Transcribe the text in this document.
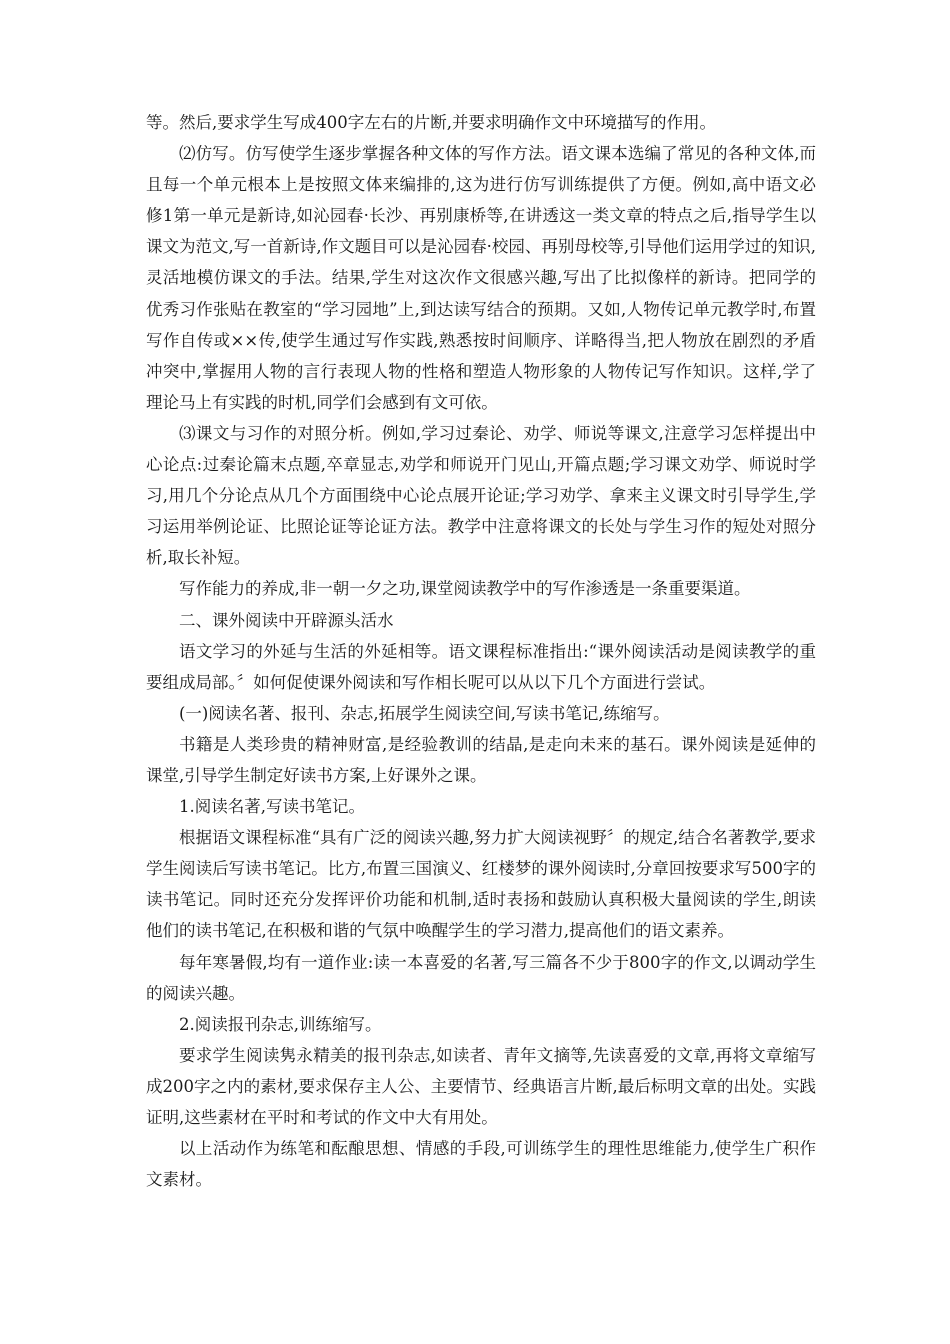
等。然后,要求学生写成400字左右的片断,并要求明确作文中环境描写的作用。

⑵仿写。仿写使学生逐步掌握各种文体的写作方法。语文课本选编了常见的各种文体,而且每一个单元根本上是按照文体来编排的,这为进行仿写训练提供了方便。例如,高中语文必修1第一单元是新诗,如沁园春·长沙、再别康桥等,在讲透这一类文章的特点之后,指导学生以课文为范文,写一首新诗,作文题目可以是沁园春·校园、再别母校等,引导他们运用学过的知识,灵活地模仿课文的手法。结果,学生对这次作文很感兴趣,写出了比拟像样的新诗。把同学的优秀习作张贴在教室的“学习园地”上,到达读写结合的预期。又如,人物传记单元教学时,布置写作自传或××传,使学生通过写作实践,熟悉按时间顺序、详略得当,把人物放在剧烈的矛盾冲突中,掌握用人物的言行表现人物的性格和塑造人物形象的人物传记写作知识。这样,学了理论马上有实践的时机,同学们会感到有文可依。

⑶课文与习作的对照分析。例如,学习过秦论、劝学、师说等课文,注意学习怎样提出中心论点:过秦论篇末点题,卒章显志,劝学和师说开门见山,开篇点题;学习课文劝学、师说时学习,用几个分论点从几个方面围绕中心论点展开论证;学习劝学、拿来主义课文时引导学生,学习运用举例论证、比照论证等论证方法。教学中注意将课文的长处与学生习作的短处对照分析,取长补短。

写作能力的养成,非一朝一夕之功,课堂阅读教学中的写作渗透是一条重要渠道。

二、课外阅读中开辟源头活水

语文学习的外延与生活的外延相等。语文课程标准指出:“课外阅读活动是阅读教学的重要组成局部。〞如何促使课外阅读和写作相长呢可以从以下几个方面进行尝试。

(一)阅读名著、报刊、杂志,拓展学生阅读空间,写读书笔记,练缩写。

书籍是人类珍贵的精神财富,是经验教训的结晶,是走向未来的基石。课外阅读是延伸的课堂,引导学生制定好读书方案,上好课外之课。

1.阅读名著,写读书笔记。

根据语文课程标准“具有广泛的阅读兴趣,努力扩大阅读视野〞的规定,结合名著教学,要求学生阅读后写读书笔记。比方,布置三国演义、红楼梦的课外阅读时,分章回按要求写500字的读书笔记。同时还充分发挥评价功能和机制,适时表扬和鼓励认真积极大量阅读的学生,朗读他们的读书笔记,在积极和谐的气氛中唤醒学生的学习潜力,提高他们的语文素养。

每年寒暑假,均有一道作业:读一本喜爱的名著,写三篇各不少于800字的作文,以调动学生的阅读兴趣。

2.阅读报刊杂志,训练缩写。

要求学生阅读隽永精美的报刊杂志,如读者、青年文摘等,先读喜爱的文章,再将文章缩写成200字之内的素材,要求保存主人公、主要情节、经典语言片断,最后标明文章的出处。实践证明,这些素材在平时和考试的作文中大有用处。

以上活动作为练笔和酝酿思想、情感的手段,可训练学生的理性思维能力,使学生广积作文素材。
